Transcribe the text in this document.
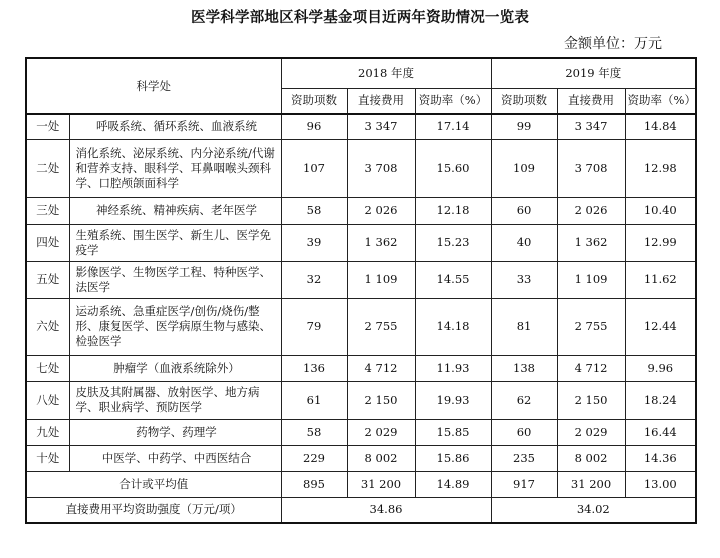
医学科学部地区科学基金项目近两年资助情况一览表
金额单位：万元
科学处		2018 年度			2019 年度		
		资助项数	直接费用	资助率（%）	资助项数	直接费用	资助率（%）
一处	呼吸系统、循环系统、血液系统	96	3 347	17.14	99	3 347	14.84
二处	消化系统、泌尿系统、内分泌系统/代谢和营养支持、眼科学、耳鼻咽喉头颈科学、口腔颅颌面科学	107	3 708	15.60	109	3 708	12.98
三处	神经系统、精神疾病、老年医学	58	2 026	12.18	60	2 026	10.40
四处	生殖系统、围生医学、新生儿、医学免疫学	39	1 362	15.23	40	1 362	12.99
五处	影像医学、生物医学工程、特种医学、法医学	32	1 109	14.55	33	1 109	11.62
六处	运动系统、急重症医学/创伤/烧伤/整形、康复医学、医学病原生物与感染、检验医学	79	2 755	14.18	81	2 755	12.44
七处	肿瘤学（血液系统除外）	136	4 712	11.93	138	4 712	9.96
八处	皮肤及其附属器、放射医学、地方病学、职业病学、预防医学	61	2 150	19.93	62	2 150	18.24
九处	药物学、药理学	58	2 029	15.85	60	2 029	16.44
十处	中医学、中药学、中西医结合	229	8 002	15.86	235	8 002	14.36
合计或平均值		895	31 200	14.89	917	31 200	13.00
直接费用平均资助强度（万元/项）		34.86			34.02		
